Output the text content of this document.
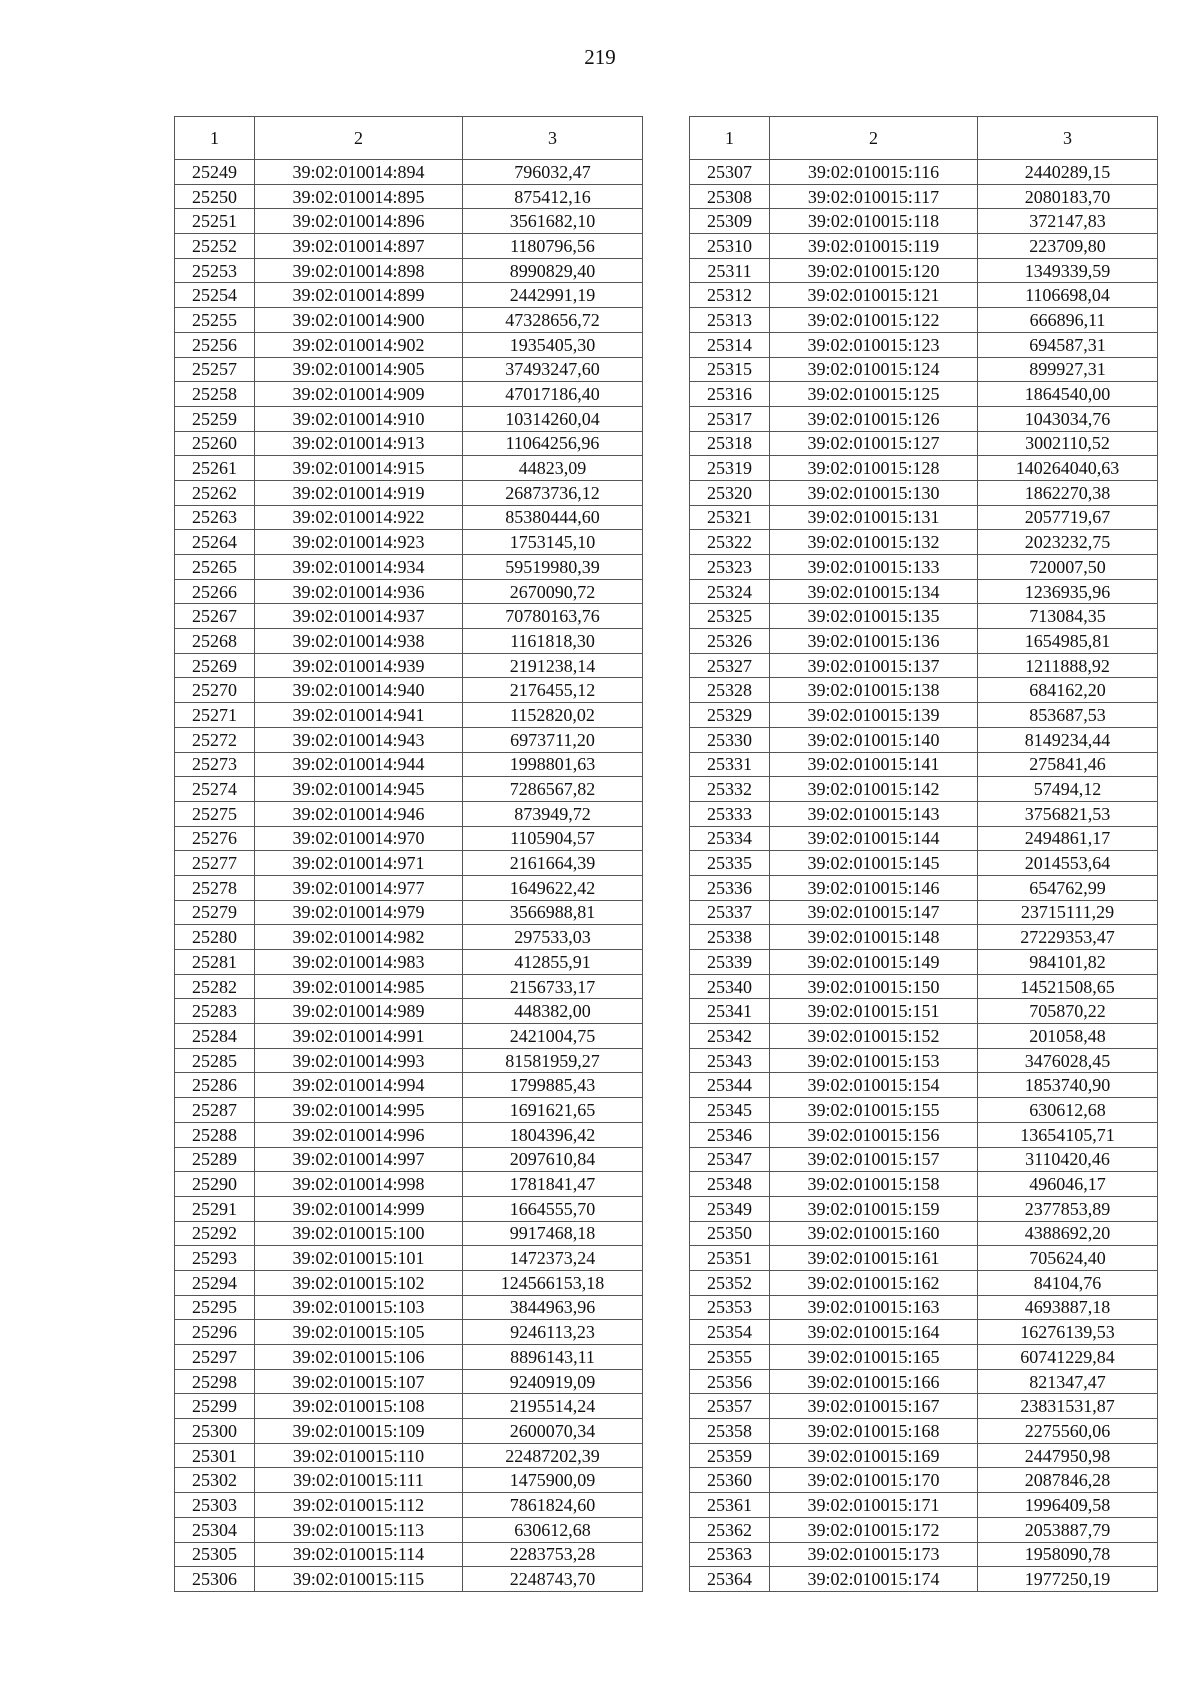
219
1	2	3
25249	39:02:010014:894	796032,47
25250	39:02:010014:895	875412,16
25251	39:02:010014:896	3561682,10
25252	39:02:010014:897	1180796,56
25253	39:02:010014:898	8990829,40
25254	39:02:010014:899	2442991,19
25255	39:02:010014:900	47328656,72
25256	39:02:010014:902	1935405,30
25257	39:02:010014:905	37493247,60
25258	39:02:010014:909	47017186,40
25259	39:02:010014:910	10314260,04
25260	39:02:010014:913	11064256,96
25261	39:02:010014:915	44823,09
25262	39:02:010014:919	26873736,12
25263	39:02:010014:922	85380444,60
25264	39:02:010014:923	1753145,10
25265	39:02:010014:934	59519980,39
25266	39:02:010014:936	2670090,72
25267	39:02:010014:937	70780163,76
25268	39:02:010014:938	1161818,30
25269	39:02:010014:939	2191238,14
25270	39:02:010014:940	2176455,12
25271	39:02:010014:941	1152820,02
25272	39:02:010014:943	6973711,20
25273	39:02:010014:944	1998801,63
25274	39:02:010014:945	7286567,82
25275	39:02:010014:946	873949,72
25276	39:02:010014:970	1105904,57
25277	39:02:010014:971	2161664,39
25278	39:02:010014:977	1649622,42
25279	39:02:010014:979	3566988,81
25280	39:02:010014:982	297533,03
25281	39:02:010014:983	412855,91
25282	39:02:010014:985	2156733,17
25283	39:02:010014:989	448382,00
25284	39:02:010014:991	2421004,75
25285	39:02:010014:993	81581959,27
25286	39:02:010014:994	1799885,43
25287	39:02:010014:995	1691621,65
25288	39:02:010014:996	1804396,42
25289	39:02:010014:997	2097610,84
25290	39:02:010014:998	1781841,47
25291	39:02:010014:999	1664555,70
25292	39:02:010015:100	9917468,18
25293	39:02:010015:101	1472373,24
25294	39:02:010015:102	124566153,18
25295	39:02:010015:103	3844963,96
25296	39:02:010015:105	9246113,23
25297	39:02:010015:106	8896143,11
25298	39:02:010015:107	9240919,09
25299	39:02:010015:108	2195514,24
25300	39:02:010015:109	2600070,34
25301	39:02:010015:110	22487202,39
25302	39:02:010015:111	1475900,09
25303	39:02:010015:112	7861824,60
25304	39:02:010015:113	630612,68
25305	39:02:010015:114	2283753,28
25306	39:02:010015:115	2248743,70
1	2	3
25307	39:02:010015:116	2440289,15
25308	39:02:010015:117	2080183,70
25309	39:02:010015:118	372147,83
25310	39:02:010015:119	223709,80
25311	39:02:010015:120	1349339,59
25312	39:02:010015:121	1106698,04
25313	39:02:010015:122	666896,11
25314	39:02:010015:123	694587,31
25315	39:02:010015:124	899927,31
25316	39:02:010015:125	1864540,00
25317	39:02:010015:126	1043034,76
25318	39:02:010015:127	3002110,52
25319	39:02:010015:128	140264040,63
25320	39:02:010015:130	1862270,38
25321	39:02:010015:131	2057719,67
25322	39:02:010015:132	2023232,75
25323	39:02:010015:133	720007,50
25324	39:02:010015:134	1236935,96
25325	39:02:010015:135	713084,35
25326	39:02:010015:136	1654985,81
25327	39:02:010015:137	1211888,92
25328	39:02:010015:138	684162,20
25329	39:02:010015:139	853687,53
25330	39:02:010015:140	8149234,44
25331	39:02:010015:141	275841,46
25332	39:02:010015:142	57494,12
25333	39:02:010015:143	3756821,53
25334	39:02:010015:144	2494861,17
25335	39:02:010015:145	2014553,64
25336	39:02:010015:146	654762,99
25337	39:02:010015:147	23715111,29
25338	39:02:010015:148	27229353,47
25339	39:02:010015:149	984101,82
25340	39:02:010015:150	14521508,65
25341	39:02:010015:151	705870,22
25342	39:02:010015:152	201058,48
25343	39:02:010015:153	3476028,45
25344	39:02:010015:154	1853740,90
25345	39:02:010015:155	630612,68
25346	39:02:010015:156	13654105,71
25347	39:02:010015:157	3110420,46
25348	39:02:010015:158	496046,17
25349	39:02:010015:159	2377853,89
25350	39:02:010015:160	4388692,20
25351	39:02:010015:161	705624,40
25352	39:02:010015:162	84104,76
25353	39:02:010015:163	4693887,18
25354	39:02:010015:164	16276139,53
25355	39:02:010015:165	60741229,84
25356	39:02:010015:166	821347,47
25357	39:02:010015:167	23831531,87
25358	39:02:010015:168	2275560,06
25359	39:02:010015:169	2447950,98
25360	39:02:010015:170	2087846,28
25361	39:02:010015:171	1996409,58
25362	39:02:010015:172	2053887,79
25363	39:02:010015:173	1958090,78
25364	39:02:010015:174	1977250,19
